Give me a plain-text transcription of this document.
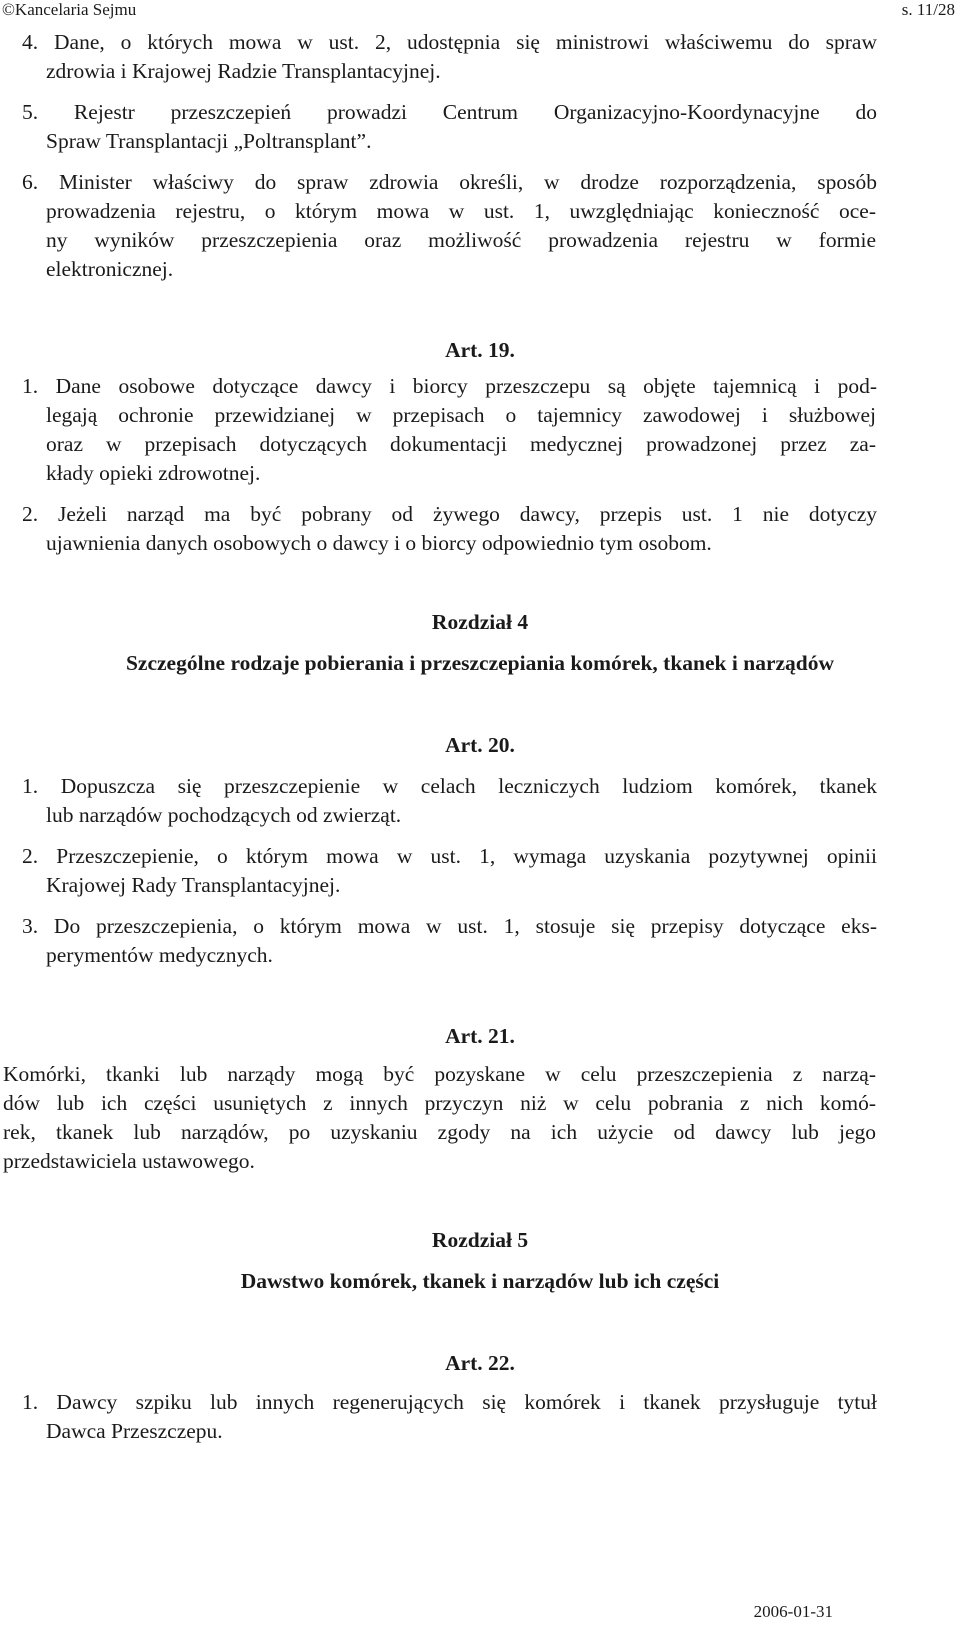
©Kancelaria Sejmu	s. 11/28

4. Dane, o których mowa w ust. 2, udostępnia się ministrowi właściwemu do spraw

zdrowia i Krajowej Radzie Transplantacyjnej.

5. Rejestr przeszczepień prowadzi Centrum Organizacyjno-Koordynacyjne do

Spraw Transplantacji „Poltransplant”.

6. Minister właściwy do spraw zdrowia określi, w drodze rozporządzenia, sposób

prowadzenia rejestru, o którym mowa w ust. 1, uwzględniając konieczność oce-

ny wyników przeszczepienia oraz możliwość prowadzenia rejestru w formie

elektronicznej.

Art. 19.

1. Dane osobowe dotyczące dawcy i biorcy przeszczepu są objęte tajemnicą i pod-

legają ochronie przewidzianej w przepisach o tajemnicy zawodowej i służbowej

oraz w przepisach dotyczących dokumentacji medycznej prowadzonej przez za-

kłady opieki zdrowotnej.

2. Jeżeli narząd ma być pobrany od żywego dawcy, przepis ust. 1 nie dotyczy

ujawnienia danych osobowych o dawcy i o biorcy odpowiednio tym osobom.

Rozdział 4

Szczególne rodzaje pobierania i przeszczepiania komórek, tkanek i narządów

Art. 20.

1. Dopuszcza się przeszczepienie w celach leczniczych ludziom komórek, tkanek

lub narządów pochodzących od zwierząt.

2. Przeszczepienie, o którym mowa w ust. 1, wymaga uzyskania pozytywnej opinii

Krajowej Rady Transplantacyjnej.

3. Do przeszczepienia, o którym mowa w ust. 1, stosuje się przepisy dotyczące eks-

perymentów medycznych.

Art. 21.

Komórki, tkanki lub narządy mogą być pozyskane w celu przeszczepienia z narzą-

dów lub ich części usuniętych z innych przyczyn niż w celu pobrania z nich komó-

rek, tkanek lub narządów, po uzyskaniu zgody na ich użycie od dawcy lub jego

przedstawiciela ustawowego.

Rozdział 5

Dawstwo komórek, tkanek i narządów lub ich części

Art. 22.

1. Dawcy szpiku lub innych regenerujących się komórek i tkanek przysługuje tytuł

Dawca Przeszczepu.

2006-01-31
